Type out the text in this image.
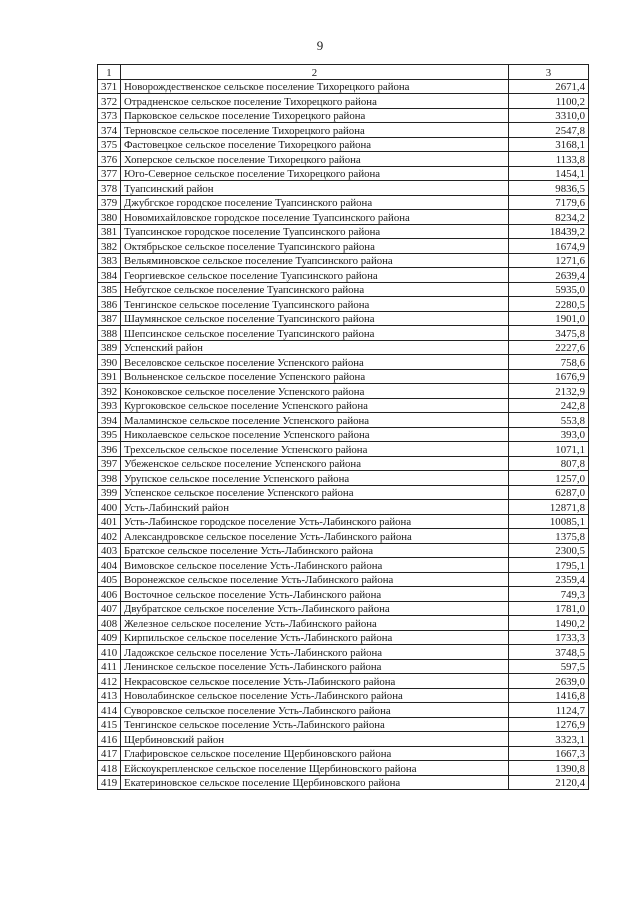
9
1	2	3
371	Новорождественское сельское поселение Тихорецкого района	2671,4
372	Отрадненское сельское поселение Тихорецкого района	1100,2
373	Парковское сельское поселение Тихорецкого района	3310,0
374	Терновское сельское поселение Тихорецкого района	2547,8
375	Фастовецкое сельское поселение Тихорецкого района	3168,1
376	Хоперское сельское поселение Тихорецкого района	1133,8
377	Юго-Северное сельское поселение Тихорецкого района	1454,1
378	Туапсинский район	9836,5
379	Джубгское городское поселение Туапсинского района	7179,6
380	Новомихайловское городское поселение Туапсинского района	8234,2
381	Туапсинское городское поселение Туапсинского района	18439,2
382	Октябрьское сельское поселение Туапсинского района	1674,9
383	Вельяминовское сельское поселение Туапсинского района	1271,6
384	Георгиевское сельское поселение Туапсинского района	2639,4
385	Небугское сельское поселение Туапсинского района	5935,0
386	Тенгинское сельское поселение Туапсинского района	2280,5
387	Шаумянское сельское поселение Туапсинского района	1901,0
388	Шепсинское сельское поселение Туапсинского района	3475,8
389	Успенский район	2227,6
390	Веселовское сельское поселение Успенского района	758,6
391	Вольненское сельское поселение Успенского района	1676,9
392	Коноковское сельское поселение Успенского района	2132,9
393	Кургоковское сельское поселение Успенского района	242,8
394	Маламинское сельское поселение Успенского района	553,8
395	Николаевское сельское поселение Успенского района	393,0
396	Трехсельское сельское поселение Успенского района	1071,1
397	Убеженское сельское поселение Успенского района	807,8
398	Урупское сельское поселение Успенского района	1257,0
399	Успенское сельское поселение Успенского района	6287,0
400	Усть-Лабинский район	12871,8
401	Усть-Лабинское городское поселение Усть-Лабинского района	10085,1
402	Александровское сельское поселение Усть-Лабинского района	1375,8
403	Братское сельское поселение Усть-Лабинского района	2300,5
404	Вимовское сельское поселение Усть-Лабинского района	1795,1
405	Воронежское сельское поселение Усть-Лабинского района	2359,4
406	Восточное сельское поселение Усть-Лабинского района	749,3
407	Двубратское сельское поселение Усть-Лабинского района	1781,0
408	Железное сельское поселение Усть-Лабинского района	1490,2
409	Кирпильское сельское поселение Усть-Лабинского района	1733,3
410	Ладожское сельское поселение Усть-Лабинского района	3748,5
411	Ленинское сельское поселение Усть-Лабинского района	597,5
412	Некрасовское сельское поселение Усть-Лабинского района	2639,0
413	Новолабинское сельское поселение Усть-Лабинского района	1416,8
414	Суворовское сельское поселение Усть-Лабинского района	1124,7
415	Тенгинское сельское поселение Усть-Лабинского района	1276,9
416	Щербиновский район	3323,1
417	Глафировское сельское поселение Щербиновского района	1667,3
418	Ейскоукрепленское сельское поселение Щербиновского района	1390,8
419	Екатериновское сельское поселение Щербиновского района	2120,4
